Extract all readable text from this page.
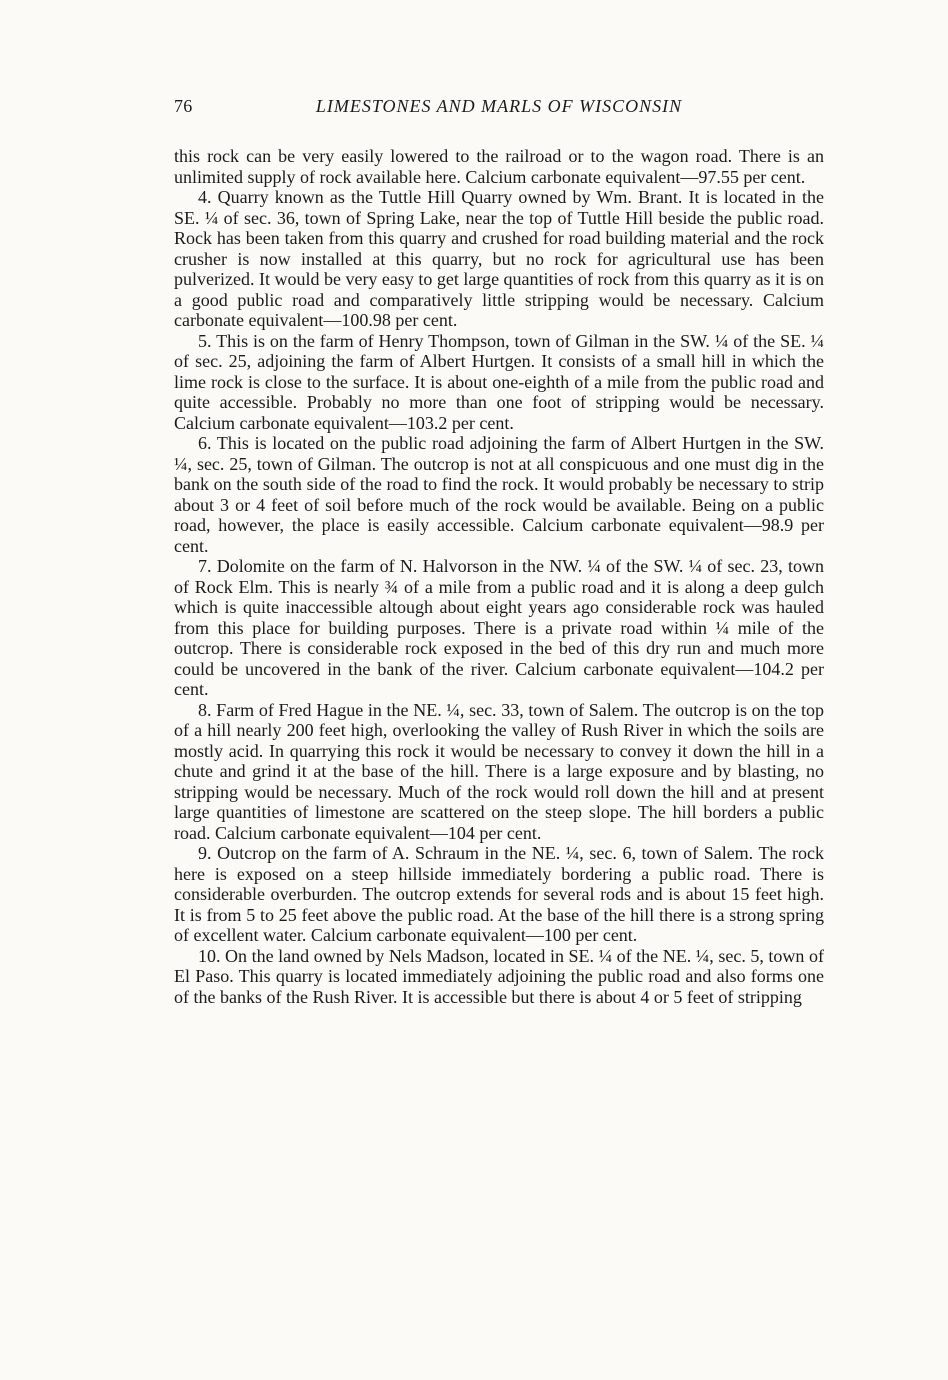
76	LIMESTONES AND MARLS OF WISCONSIN

this rock can be very easily lowered to the railroad or to the wagon road. There is an unlimited supply of rock available here. Calcium carbonate equivalent—97.55 per cent.

4. Quarry known as the Tuttle Hill Quarry owned by Wm. Brant. It is located in the SE. ¼ of sec. 36, town of Spring Lake, near the top of Tuttle Hill beside the public road. Rock has been taken from this quarry and crushed for road building material and the rock crusher is now installed at this quarry, but no rock for agricultural use has been pulverized. It would be very easy to get large quantities of rock from this quarry as it is on a good public road and comparatively little stripping would be necessary. Calcium carbonate equivalent—100.98 per cent.

5. This is on the farm of Henry Thompson, town of Gilman in the SW. ¼ of the SE. ¼ of sec. 25, adjoining the farm of Albert Hurtgen. It consists of a small hill in which the lime rock is close to the surface. It is about one-eighth of a mile from the public road and quite accessible. Probably no more than one foot of stripping would be necessary. Calcium carbonate equivalent—103.2 per cent.

6. This is located on the public road adjoining the farm of Albert Hurtgen in the SW. ¼, sec. 25, town of Gilman. The outcrop is not at all conspicuous and one must dig in the bank on the south side of the road to find the rock. It would probably be necessary to strip about 3 or 4 feet of soil before much of the rock would be available. Being on a public road, however, the place is easily accessible. Calcium carbonate equivalent—98.9 per cent.

7. Dolomite on the farm of N. Halvorson in the NW. ¼ of the SW. ¼ of sec. 23, town of Rock Elm. This is nearly ¾ of a mile from a public road and it is along a deep gulch which is quite inaccessible altough about eight years ago considerable rock was hauled from this place for building purposes. There is a private road within ¼ mile of the outcrop. There is considerable rock exposed in the bed of this dry run and much more could be uncovered in the bank of the river. Calcium carbonate equivalent—104.2 per cent.

8. Farm of Fred Hague in the NE. ¼, sec. 33, town of Salem. The outcrop is on the top of a hill nearly 200 feet high, overlooking the valley of Rush River in which the soils are mostly acid. In quarrying this rock it would be necessary to convey it down the hill in a chute and grind it at the base of the hill. There is a large exposure and by blasting, no stripping would be necessary. Much of the rock would roll down the hill and at present large quantities of limestone are scattered on the steep slope. The hill borders a public road. Calcium carbonate equivalent—104 per cent.

9. Outcrop on the farm of A. Schraum in the NE. ¼, sec. 6, town of Salem. The rock here is exposed on a steep hillside immediately bordering a public road. There is considerable overburden. The outcrop extends for several rods and is about 15 feet high. It is from 5 to 25 feet above the public road. At the base of the hill there is a strong spring of excellent water. Calcium carbonate equivalent—100 per cent.

10. On the land owned by Nels Madson, located in SE. ¼ of the NE. ¼, sec. 5, town of El Paso. This quarry is located immediately adjoining the public road and also forms one of the banks of the Rush River. It is accessible but there is about 4 or 5 feet of stripping
